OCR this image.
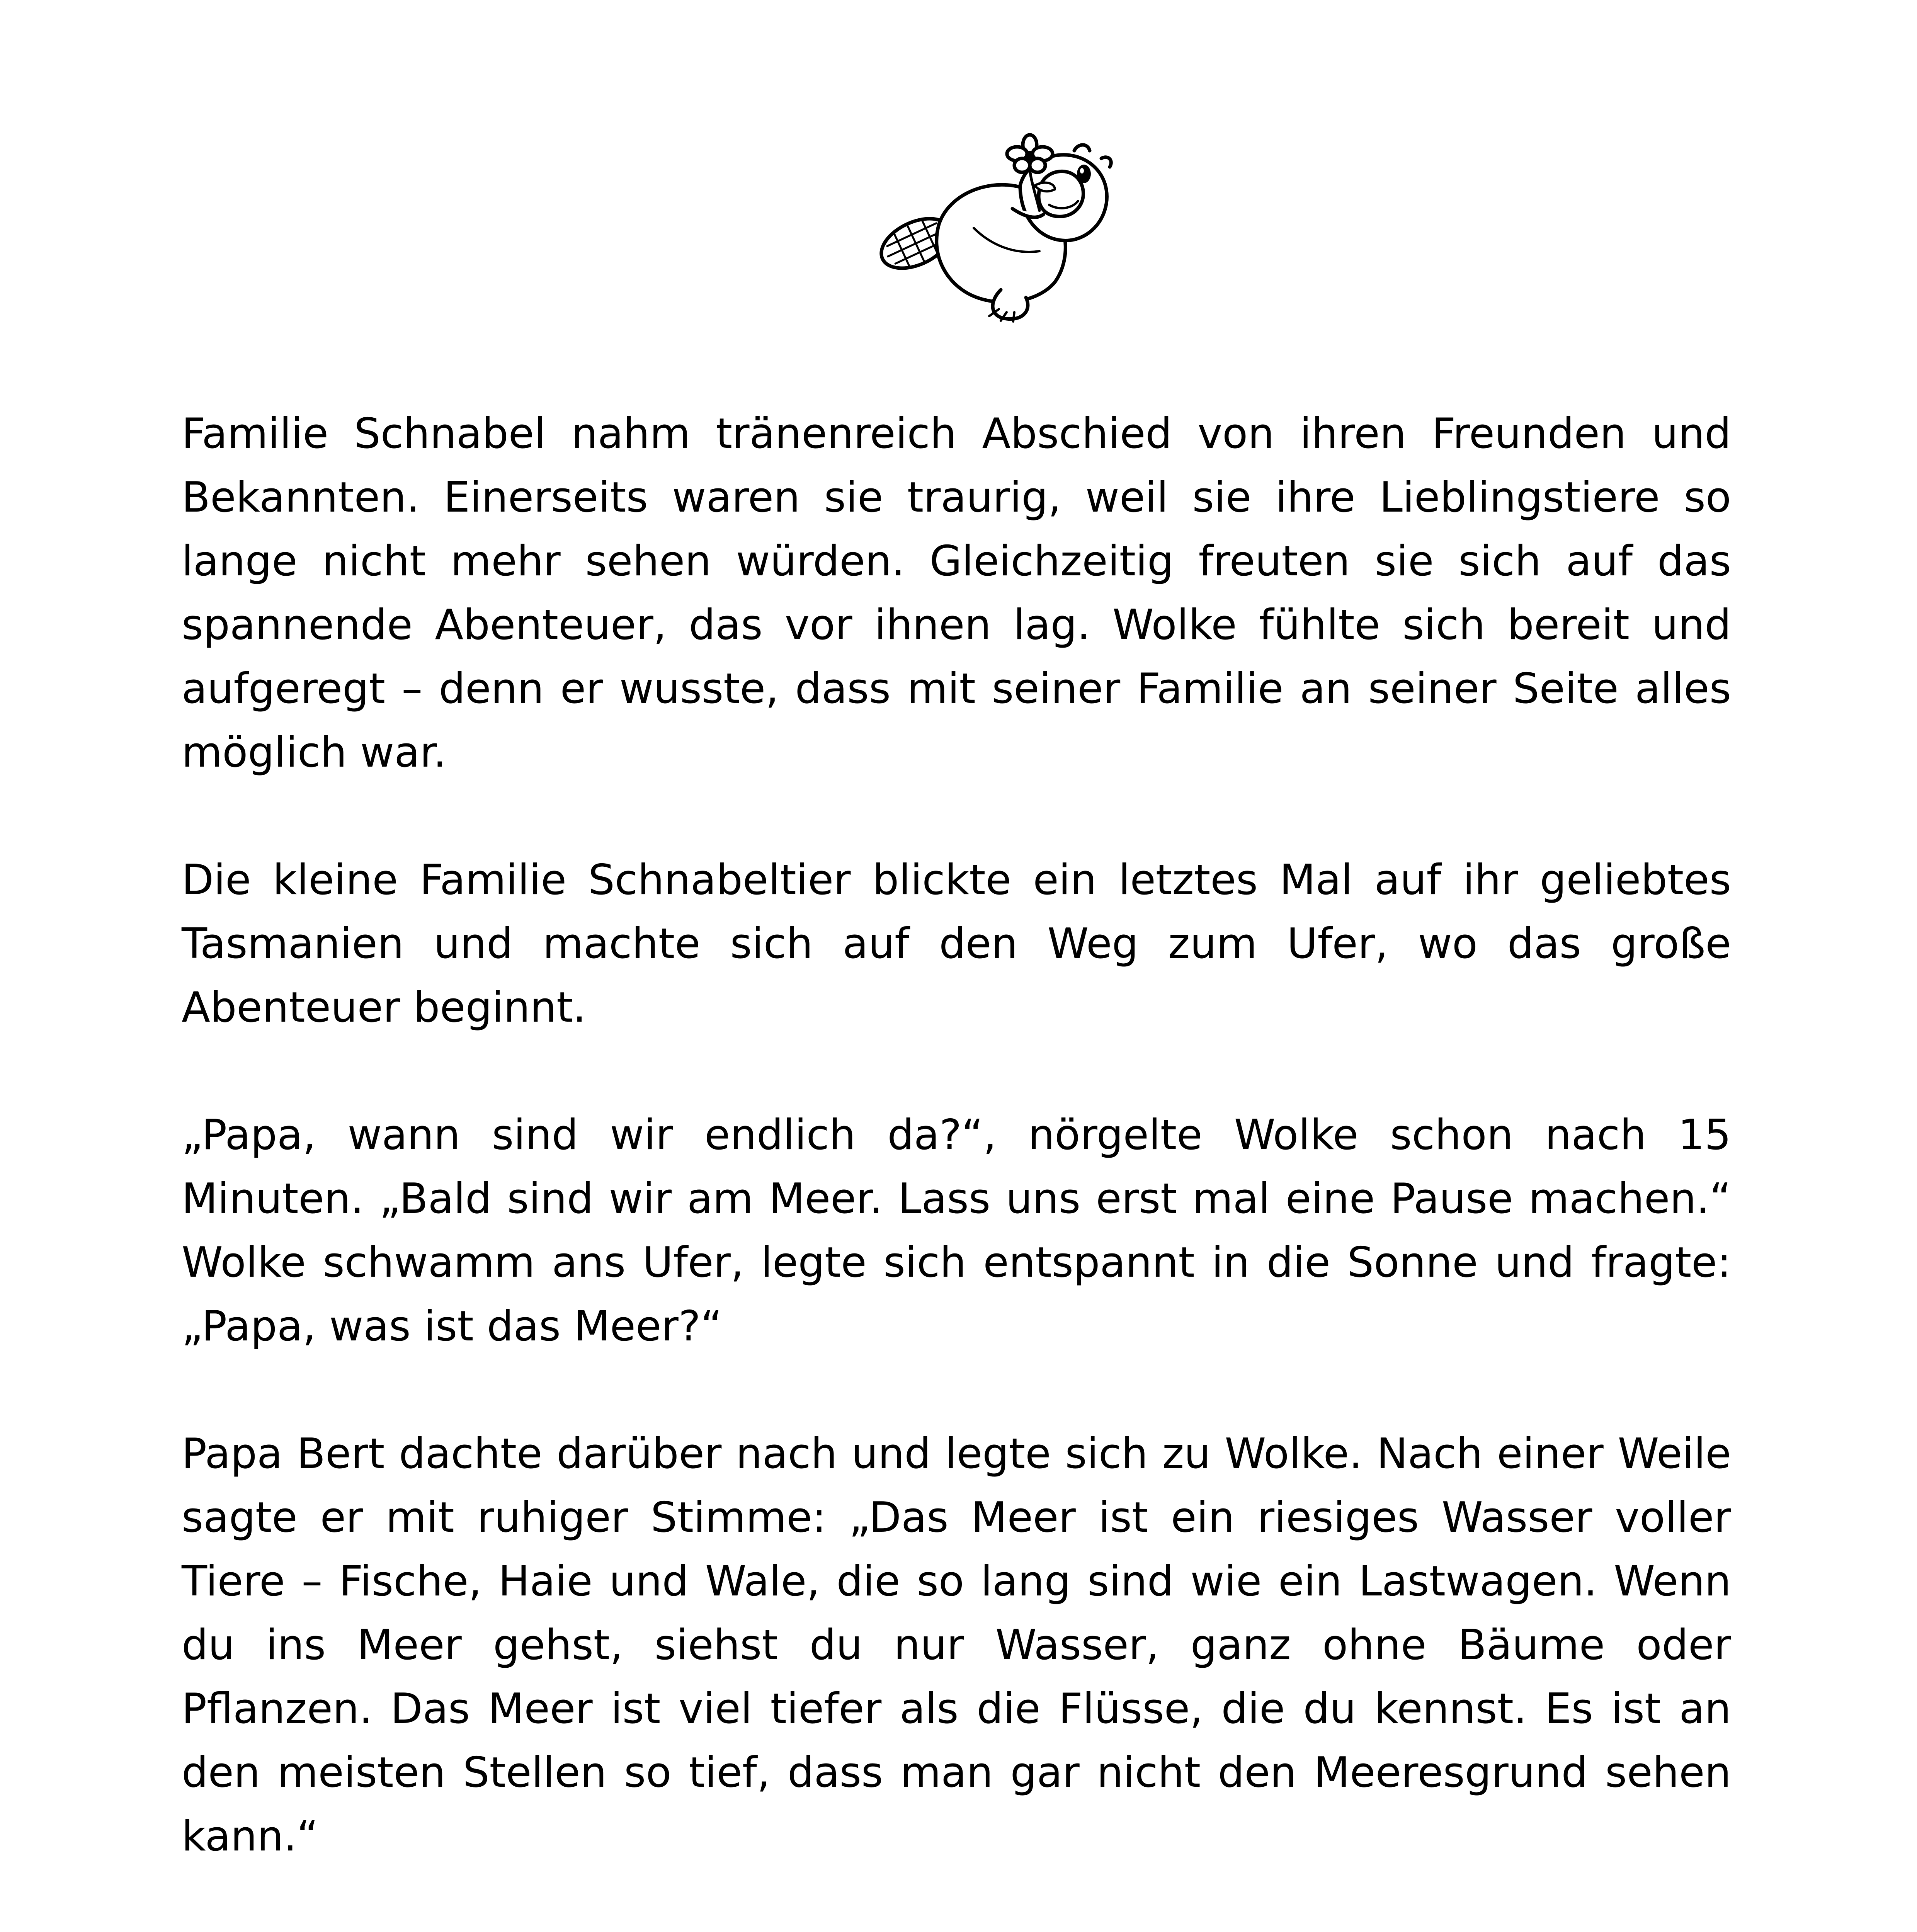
Familie Schnabel nahm tränenreich Abschied von ihren Freunden und Bekannten. Einerseits waren sie traurig, weil sie ihre Lieblingstiere so lange nicht mehr sehen würden. Gleichzeitig freuten sie sich auf das spannende Abenteuer, das vor ihnen lag. Wolke fühlte sich bereit und aufgeregt – denn er wusste, dass mit seiner Familie an seiner Seite alles möglich war.

Die kleine Familie Schnabeltier blickte ein letztes Mal auf ihr geliebtes Tasmanien und machte sich auf den Weg zum Ufer, wo das große Abenteuer beginnt.

„Papa, wann sind wir endlich da?“, nörgelte Wolke schon nach 15 Minuten. „Bald sind wir am Meer. Lass uns erst mal eine Pause machen.“ Wolke schwamm ans Ufer, legte sich entspannt in die Sonne und fragte: „Papa, was ist das Meer?“

Papa Bert dachte darüber nach und legte sich zu Wolke. Nach einer Weile sagte er mit ruhiger Stimme: „Das Meer ist ein riesiges Wasser voller Tiere – Fische, Haie und Wale, die so lang sind wie ein Lastwagen. Wenn du ins Meer gehst, siehst du nur Wasser, ganz ohne Bäume oder Pflanzen. Das Meer ist viel tiefer als die Flüsse, die du kennst. Es ist an den meisten Stellen so tief, dass man gar nicht den Meeresgrund sehen kann.“
